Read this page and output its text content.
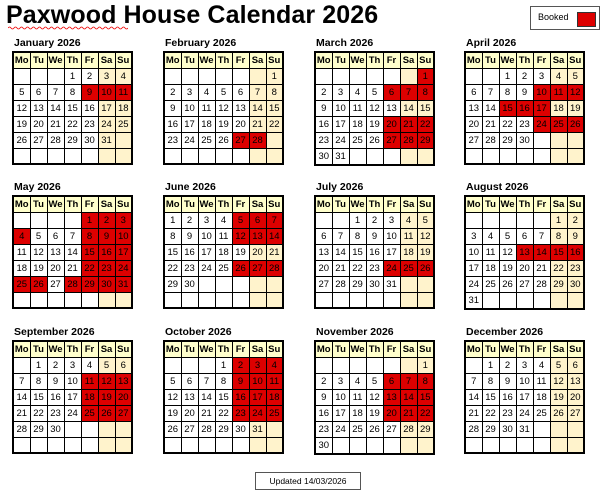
Paxwood House Calendar 2026	Booked
January 2026
Mo	Tu	We	Th	Fr	Sa	Su
			1	2	3	4
5	6	7	8	9	10	11
12	13	14	15	16	17	18
19	20	21	22	23	24	25
26	27	28	29	30	31	

February 2026
Mo	Tu	We	Th	Fr	Sa	Su
						1
2	3	4	5	6	7	8
9	10	11	12	13	14	15
16	17	18	19	20	21	22
23	24	25	26	27	28	

March 2026
Mo	Tu	We	Th	Fr	Sa	Su
						1
2	3	4	5	6	7	8
9	10	11	12	13	14	15
16	17	18	19	20	21	22
23	24	25	26	27	28	29
30	31					
April 2026
Mo	Tu	We	Th	Fr	Sa	Su
		1	2	3	4	5
6	7	8	9	10	11	12
13	14	15	16	17	18	19
20	21	22	23	24	25	26
27	28	29	30			

May 2026
Mo	Tu	We	Th	Fr	Sa	Su
				1	2	3
4	5	6	7	8	9	10
11	12	13	14	15	16	17
18	19	20	21	22	23	24
25	26	27	28	29	30	31

June 2026
Mo	Tu	We	Th	Fr	Sa	Su
1	2	3	4	5	6	7
8	9	10	11	12	13	14
15	16	17	18	19	20	21
22	23	24	25	26	27	28
29	30					

July 2026
Mo	Tu	We	Th	Fr	Sa	Su
		1	2	3	4	5
6	7	8	9	10	11	12
13	14	15	16	17	18	19
20	21	22	23	24	25	26
27	28	29	30	31		

August 2026
Mo	Tu	We	Th	Fr	Sa	Su
					1	2
3	4	5	6	7	8	9
10	11	12	13	14	15	16
17	18	19	20	21	22	23
24	25	26	27	28	29	30
31						
September 2026
Mo	Tu	We	Th	Fr	Sa	Su
	1	2	3	4	5	6
7	8	9	10	11	12	13
14	15	16	17	18	19	20
21	22	23	24	25	26	27
28	29	30				

October 2026
Mo	Tu	We	Th	Fr	Sa	Su
			1	2	3	4
5	6	7	8	9	10	11
12	13	14	15	16	17	18
19	20	21	22	23	24	25
26	27	28	29	30	31	

November 2026
Mo	Tu	We	Th	Fr	Sa	Su
						1
2	3	4	5	6	7	8
9	10	11	12	13	14	15
16	17	18	19	20	21	22
23	24	25	26	27	28	29
30						
December 2026
Mo	Tu	We	Th	Fr	Sa	Su
	1	2	3	4	5	6
7	8	9	10	11	12	13
14	15	16	17	18	19	20
21	22	23	24	25	26	27
28	29	30	31			

Updated 14/03/2026
